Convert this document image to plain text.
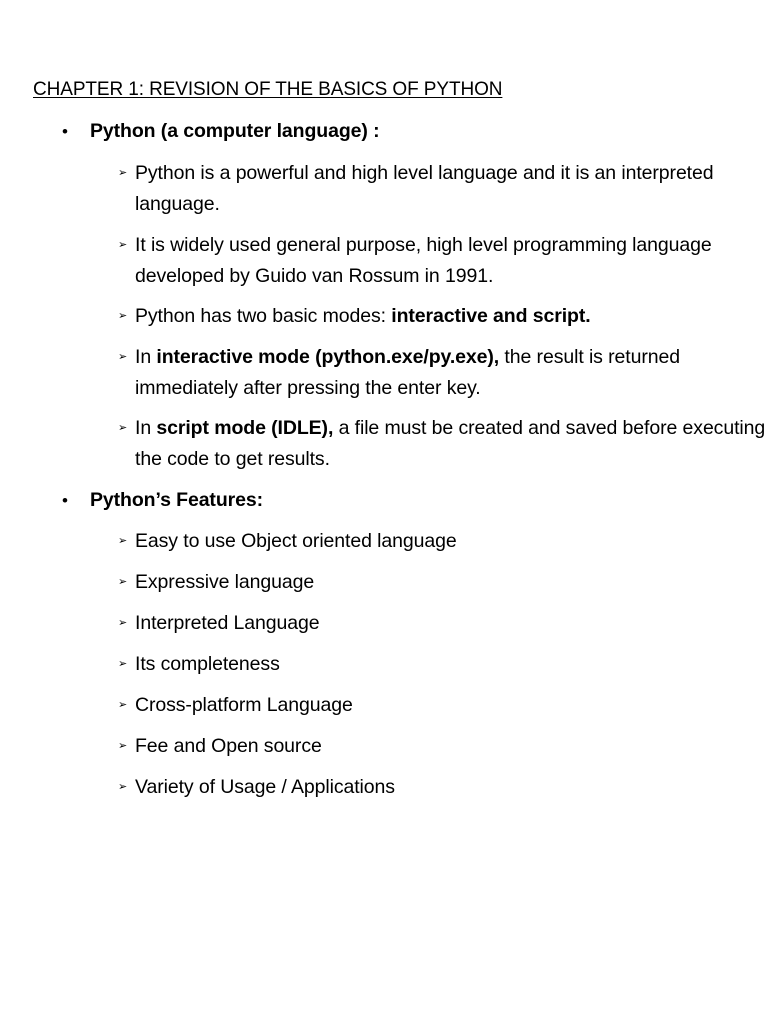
CHAPTER 1: REVISION OF THE BASICS OF PYTHON
• Python (a computer language) :
➢ Python is a powerful and high level language and it is an interpreted language.
➢ It is widely used general purpose, high level programming language developed by Guido van Rossum in 1991.
➢ Python has two basic modes: interactive and script.
➢ In interactive mode (python.exe/py.exe), the result is returned immediately after pressing the enter key.
➢ In script mode (IDLE), a file must be created and saved before executing the code to get results.
• Python’s Features:
➢ Easy to use Object oriented language
➢ Expressive language
➢ Interpreted Language
➢ Its completeness
➢ Cross-platform Language
➢ Fee and Open source
➢ Variety of Usage / Applications
